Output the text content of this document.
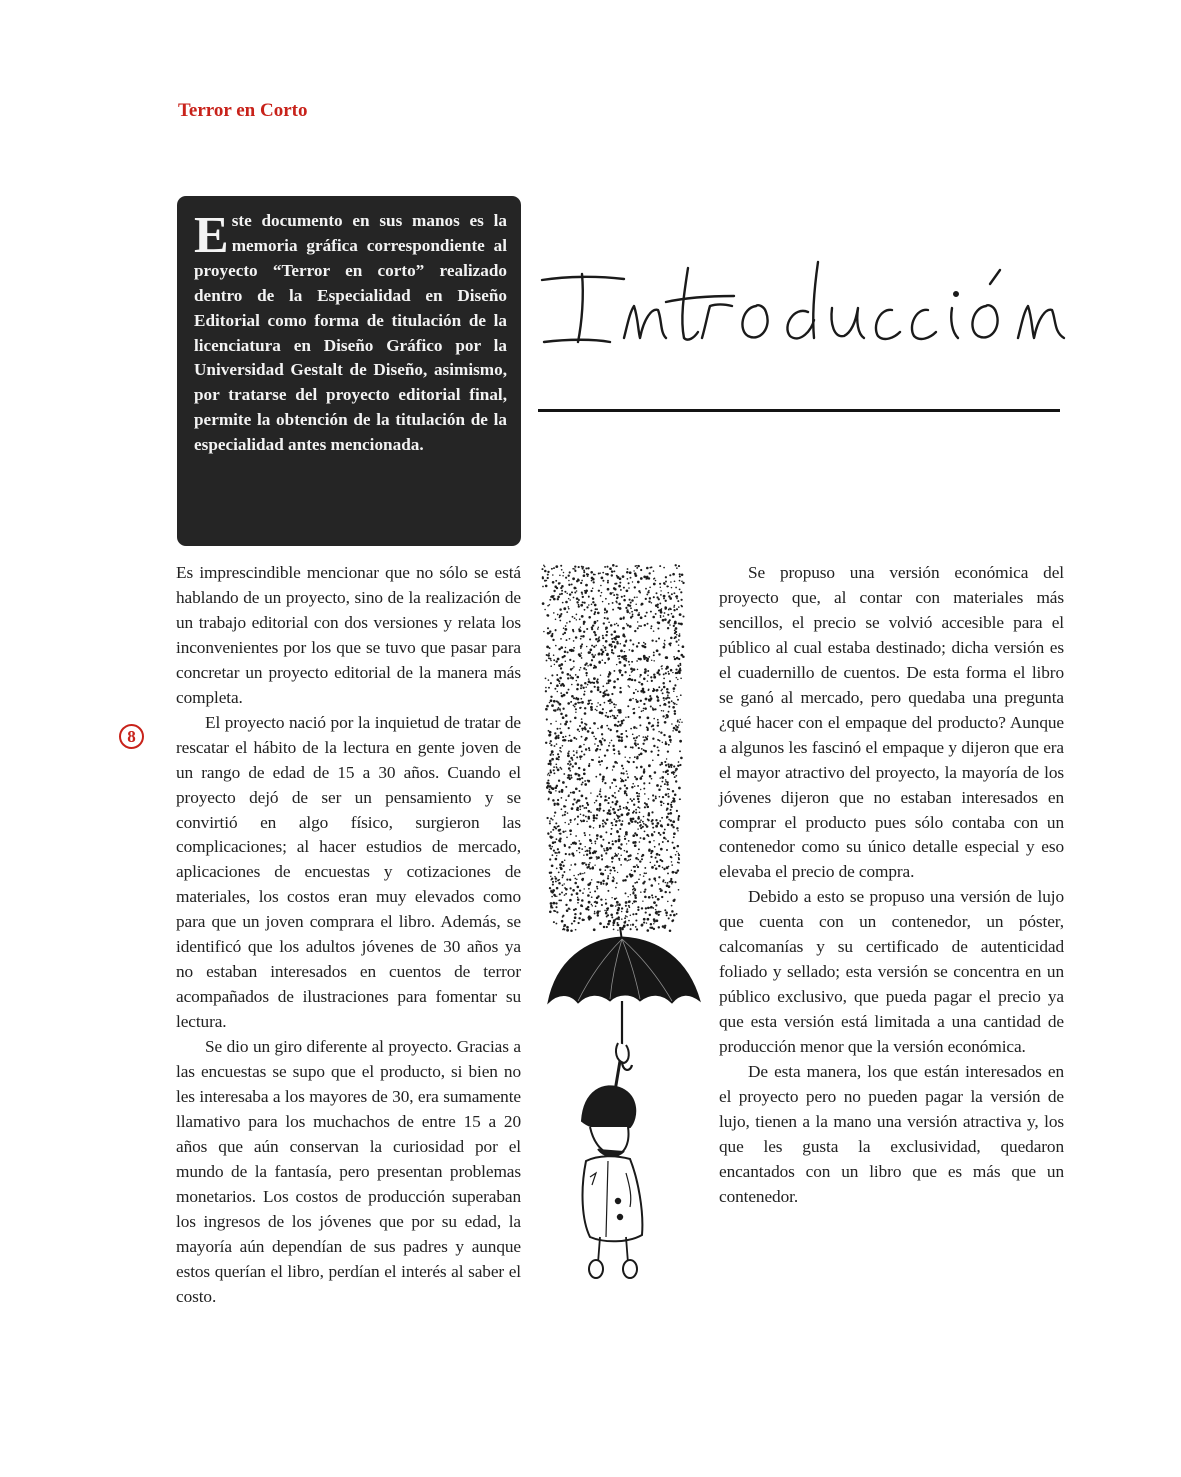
Terror en Corto

Este documento en sus manos es la memoria gráfica correspondiente al proyecto “Terror en corto” realizado dentro de la Especialidad en Diseño Editorial como forma de titulación de la licenciatura en Diseño Gráfico por la Universidad Gestalt de Diseño, asimismo, por tratarse del proyecto editorial final, permite la obtención de la titulación de la especialidad antes mencionada.

Es imprescindible mencionar que no sólo se está hablando de un proyecto, sino de la realización de un trabajo editorial con dos versiones y relata los inconvenientes por los que se tuvo que pasar para concretar un proyecto editorial de la manera más completa.

El proyecto nació por la inquietud de tratar de rescatar el hábito de la lectura en gente joven de un rango de edad de 15 a 30 años. Cuando el proyecto dejó de ser un pensamiento y se convirtió en algo físico, surgieron las complicaciones; al hacer estudios de mercado, aplicaciones de encuestas y cotizaciones de materiales, los costos eran muy elevados como para que un joven comprara el libro. Además, se identificó que los adultos jóvenes de 30 años ya no estaban interesados en cuentos de terror acompañados de ilustraciones para fomentar su lectura.

Se dio un giro diferente al proyecto. Gracias a las encuestas se supo que el producto, si bien no les interesaba a los mayores de 30, era sumamente llamativo para los muchachos de entre 15 a 20 años que aún conservan la curiosidad por el mundo de la fantasía, pero presentan problemas monetarios. Los costos de producción superaban los ingresos de los jóvenes que por su edad, la mayoría aún dependían de sus padres y aunque estos querían el libro, perdían el interés al saber el costo.

8

Se propuso una versión económica del proyecto que, al contar con materiales más sencillos, el precio se volvió accesible para el público al cual estaba destinado; dicha versión es el cuadernillo de cuentos. De esta forma el libro se ganó al mercado, pero quedaba una pregunta ¿qué hacer con el empaque del producto? Aunque a algunos les fascinó el empaque y dijeron que era el mayor atractivo del proyecto, la mayoría de los jóvenes dijeron que no estaban interesados en comprar el producto pues sólo contaba con un contenedor como su único detalle especial y eso elevaba el precio de compra.

Debido a esto se propuso una versión de lujo que cuenta con un contenedor, un póster, calcomanías y su certificado de autenticidad foliado y sellado; esta versión se concentra en un público exclusivo, que pueda pagar el precio ya que esta versión está limitada a una cantidad de producción menor que la versión económica.

De esta manera, los que están interesados en el proyecto pero no pueden pagar la versión de lujo, tienen a la mano una versión atractiva y, los que les gusta la exclusividad, quedaron encantados con un libro que es más que un contenedor.
